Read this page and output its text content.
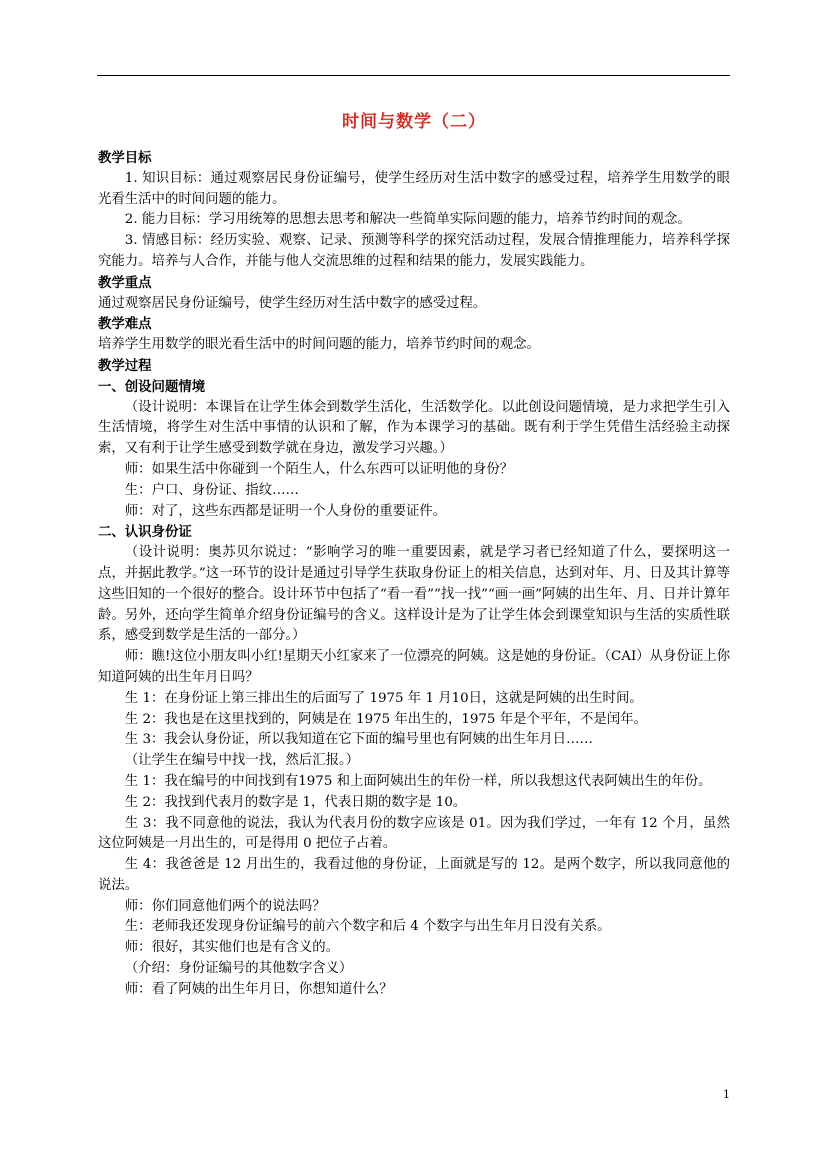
时间与数学（二）
教学目标
1. 知识目标：通过观察居民身份证编号，使学生经历对生活中数字的感受过程，培养学生用数学的眼光看生活中的时间问题的能力。
2. 能力目标：学习用统筹的思想去思考和解决一些简单实际问题的能力，培养节约时间的观念。
3. 情感目标：经历实验、观察、记录、预测等科学的探究活动过程，发展合情推理能力，培养科学探究能力。培养与人合作，并能与他人交流思维的过程和结果的能力，发展实践能力。
教学重点
通过观察居民身份证编号，使学生经历对生活中数字的感受过程。
教学难点
培养学生用数学的眼光看生活中的时间问题的能力，培养节约时间的观念。
教学过程
一、创设问题情境
（设计说明：本课旨在让学生体会到数学生活化，生活数学化。以此创设问题情境，是力求把学生引入生活情境，将学生对生活中事情的认识和了解，作为本课学习的基础。既有利于学生凭借生活经验主动探索，又有利于让学生感受到数学就在身边，激发学习兴趣。）
师：如果生活中你碰到一个陌生人，什么东西可以证明他的身份？
生：户口、身份证、指纹……
师：对了，这些东西都是证明一个人身份的重要证件。
二、认识身份证
（设计说明：奥苏贝尔说过：“影响学习的唯一重要因素，就是学习者已经知道了什么，要探明这一点，并据此教学。”这一环节的设计是通过引导学生获取身份证上的相关信息，达到对年、月、日及其计算等这些旧知的一个很好的整合。设计环节中包括了“看一看”“找一找”“画一画”阿姨的出生年、月、日并计算年龄。另外，还向学生简单介绍身份证编号的含义。这样设计是为了让学生体会到课堂知识与生活的实质性联系，感受到数学是生活的一部分。）
师：瞧!这位小朋友叫小红!星期天小红家来了一位漂亮的阿姨。这是她的身份证。（CAI）从身份证上你知道阿姨的出生年月日吗？
生 1：在身份证上第三排出生的后面写了 1975 年 1 月10日，这就是阿姨的出生时间。
生 2：我也是在这里找到的，阿姨是在 1975 年出生的，1975 年是个平年，不是闰年。
生 3：我会认身份证，所以我知道在它下面的编号里也有阿姨的出生年月日……
（让学生在编号中找一找，然后汇报。）
生 1：我在编号的中间找到有1975 和上面阿姨出生的年份一样，所以我想这代表阿姨出生的年份。
生 2：我找到代表月的数字是 1，代表日期的数字是 10。
生 3：我不同意他的说法，我认为代表月份的数字应该是 01。因为我们学过，一年有 12 个月，虽然这位阿姨是一月出生的，可是得用 0 把位子占着。
生 4：我爸爸是 12 月出生的，我看过他的身份证，上面就是写的 12。是两个数字，所以我同意他的说法。
师：你们同意他们两个的说法吗？
生：老师我还发现身份证编号的前六个数字和后 4 个数字与出生年月日没有关系。
师：很好，其实他们也是有含义的。
（介绍：身份证编号的其他数字含义）
师：看了阿姨的出生年月日，你想知道什么？
1
